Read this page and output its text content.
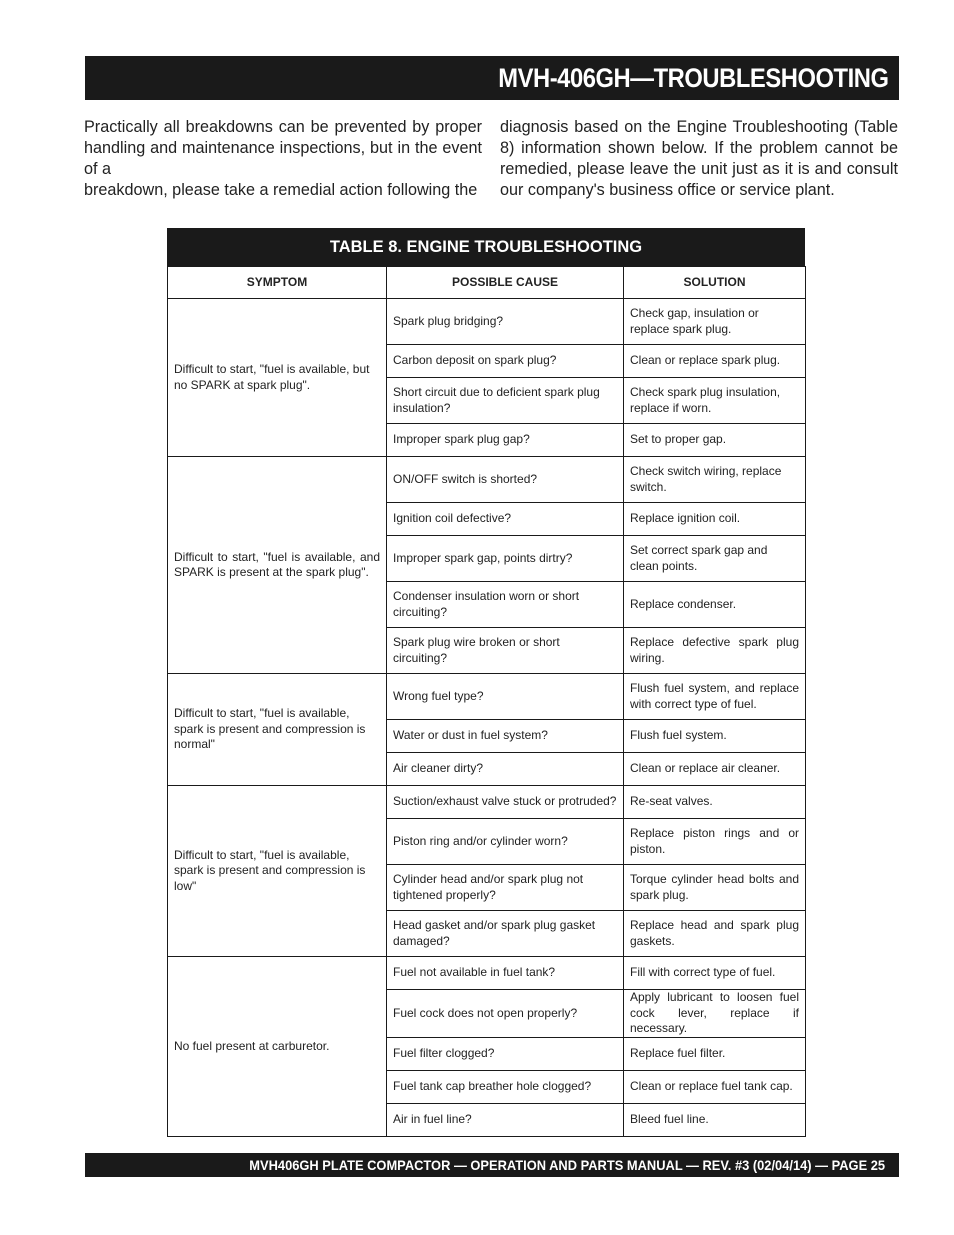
MVH-406GH—TROUBLESHOOTING
Practically all breakdowns can be prevented by proper handling and maintenance inspections, but in the event of a
breakdown, please take a remedial action following the
diagnosis based on the Engine Troubleshooting (Table 8) information shown below. If the problem cannot be remedied, please leave the unit just as it is and consult our company's business office or service plant.
TABLE 8. ENGINE TROUBLESHOOTING
SYMPTOM	POSSIBLE CAUSE	SOLUTION
Difficult to start, "fuel is available, but no SPARK at spark plug".	Spark plug bridging?	Check gap, insulation or replace spark plug.
	Carbon deposit on spark plug?	Clean or replace spark plug.
	Short circuit due to deficient spark plug insulation?	Check spark plug insulation, replace if worn.
	Improper spark plug gap?	Set to proper gap.
Difficult to start, "fuel is available, and SPARK is present at the spark plug".	ON/OFF switch is shorted?	Check switch wiring, replace switch.
	Ignition coil defective?	Replace ignition coil.
	Improper spark gap, points dirtry?	Set correct spark gap and clean points.
	Condenser insulation worn or short circuiting?	Replace condenser.
	Spark plug wire broken or short circuiting?	Replace defective spark plug wiring.
Difficult to start, "fuel is available, spark is present and compression is normal"	Wrong fuel type?	Flush fuel system, and replace with correct type of fuel.
	Water or dust in fuel system?	Flush fuel system.
	Air cleaner dirty?	Clean or replace air cleaner.
Difficult to start, "fuel is available, spark is present and compression is low"	Suction/exhaust valve stuck or protruded?	Re-seat valves.
	Piston ring and/or cylinder worn?	Replace piston rings and or piston.
	Cylinder head and/or spark plug not tightened properly?	Torque cylinder head bolts and spark plug.
	Head gasket and/or spark plug gasket damaged?	Replace head and spark plug gaskets.
No fuel present at carburetor.	Fuel not available in fuel tank?	Fill with correct type of fuel.
	Fuel cock does not open properly?	Apply lubricant to loosen fuel cock lever, replace if necessary.
	Fuel filter clogged?	Replace fuel filter.
	Fuel tank cap breather hole clogged?	Clean or replace fuel tank cap.
	Air in fuel line?	Bleed fuel line.
MVH406GH PLATE COMPACTOR — OPERATION AND PARTS MANUAL — REV. #3 (02/04/14) — PAGE 25
